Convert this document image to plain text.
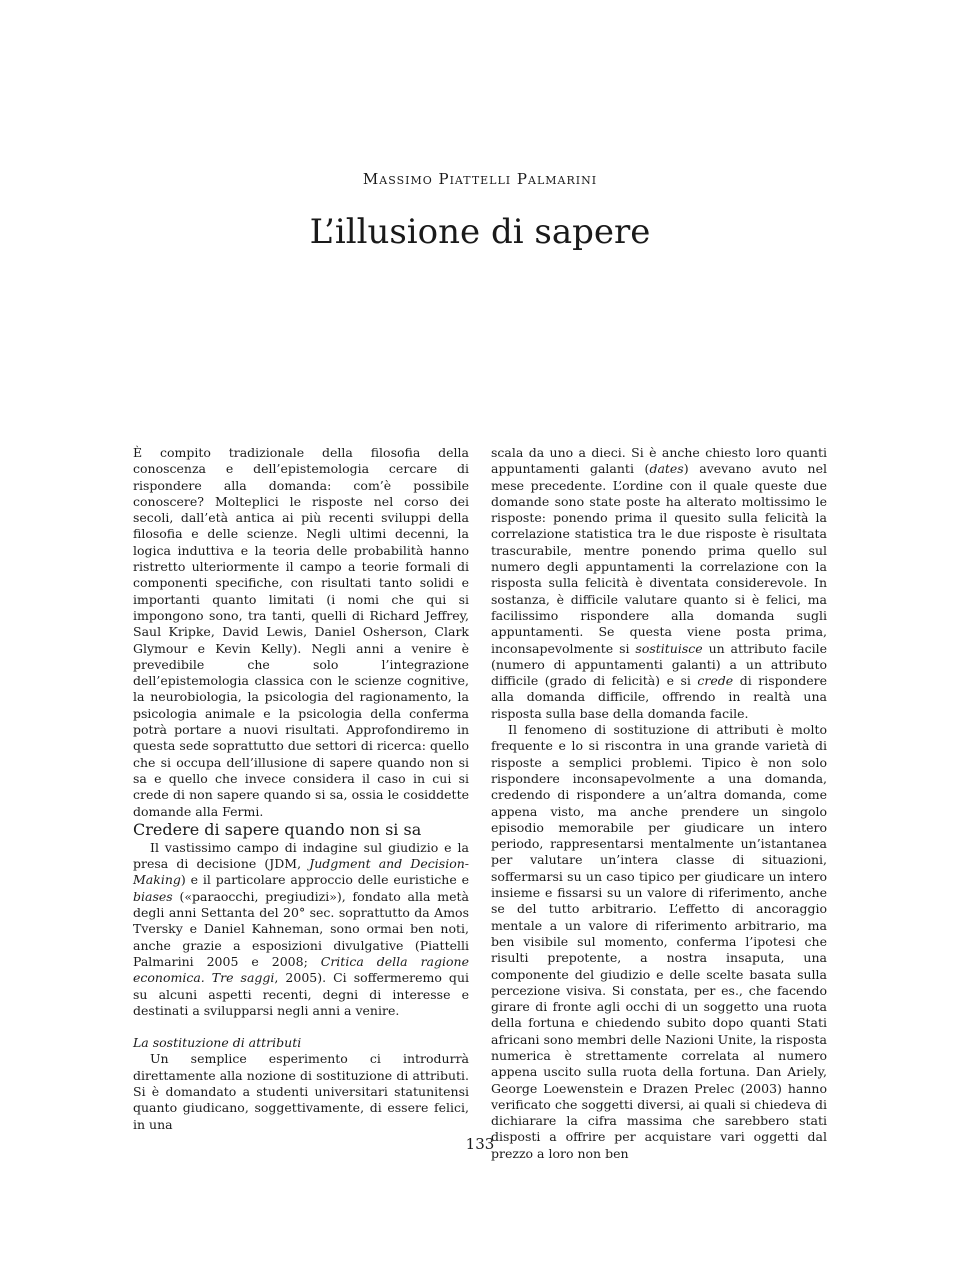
Massimo Piattelli Palmarini
L’illusione di sapere

È compito tradizionale della filosofia della conoscenza e dell’epistemologia cercare di rispondere alla domanda: com’è possibile conoscere? Molteplici le risposte nel corso dei secoli, dall’età antica ai più recenti sviluppi della filosofia e delle scienze. Negli ultimi decenni, la logica induttiva e la teoria delle probabilità hanno ristretto ulteriormente il campo a teorie formali di componenti specifiche, con risultati tanto solidi e importanti quanto limitati (i nomi che qui si impongono sono, tra tanti, quelli di Richard Jeffrey, Saul Kripke, David Lewis, Daniel Osherson, Clark Glymour e Kevin Kelly). Negli anni a venire è prevedibile che solo l’integrazione dell’epistemologia classica con le scienze cognitive, la neurobiologia, la psicologia del ragionamento, la psicologia animale e la psicologia della conferma potrà portare a nuovi risultati. Approfondiremo in questa sede soprattutto due settori di ricerca: quello che si occupa dell’illusione di sapere quando non si sa e quello che invece considera il caso in cui si crede di non sapere quando si sa, ossia le cosiddette domande alla Fermi.

Credere di sapere quando non si sa

Il vastissimo campo di indagine sul giudizio e la presa di decisione (JDM, Judgment and Decision-Making) e il particolare approccio delle euristiche e biases («paraocchi, pregiudizi»), fondato alla metà degli anni Settanta del 20° sec. soprattutto da Amos Tversky e Daniel Kahneman, sono ormai ben noti, anche grazie a esposizioni divulgative (Piattelli Palmarini 2005 e 2008; Critica della ragione economica. Tre saggi, 2005). Ci soffermeremo qui su alcuni aspetti recenti, degni di interesse e destinati a svilupparsi negli anni a venire.

La sostituzione di attributi

Un semplice esperimento ci introdurrà direttamente alla nozione di sostituzione di attributi. Si è domandato a studenti universitari statunitensi quanto giudicano, soggettivamente, di essere felici, in una

scala da uno a dieci. Si è anche chiesto loro quanti appuntamenti galanti (dates) avevano avuto nel mese precedente. L’ordine con il quale queste due domande sono state poste ha alterato moltissimo le risposte: ponendo prima il quesito sulla felicità la correlazione statistica tra le due risposte è risultata trascurabile, mentre ponendo prima quello sul numero degli appuntamenti la correlazione con la risposta sulla felicità è diventata considerevole. In sostanza, è difficile valutare quanto si è felici, ma facilissimo rispondere alla domanda sugli appuntamenti. Se questa viene posta prima, inconsapevolmente si sostituisce un attributo facile (numero di appuntamenti galanti) a un attributo difficile (grado di felicità) e si crede di rispondere alla domanda difficile, offrendo in realtà una risposta sulla base della domanda facile.

Il fenomeno di sostituzione di attributi è molto frequente e lo si riscontra in una grande varietà di risposte a semplici problemi. Tipico è non solo rispondere inconsapevolmente a una domanda, credendo di rispondere a un’altra domanda, come appena visto, ma anche prendere un singolo episodio memorabile per giudicare un intero periodo, rappresentarsi mentalmente un’istantanea per valutare un’intera classe di situazioni, soffermarsi su un caso tipico per giudicare un intero insieme e fissarsi su un valore di riferimento, anche se del tutto arbitrario. L’effetto di ancoraggio mentale a un valore di riferimento arbitrario, ma ben visibile sul momento, conferma l’ipotesi che risulti prepotente, a nostra insaputa, una componente del giudizio e delle scelte basata sulla percezione visiva. Si constata, per es., che facendo girare di fronte agli occhi di un soggetto una ruota della fortuna e chiedendo subito dopo quanti Stati africani sono membri delle Nazioni Unite, la risposta numerica è strettamente correlata al numero appena uscito sulla ruota della fortuna. Dan Ariely, George Loewenstein e Drazen Prelec (2003) hanno verificato che soggetti diversi, ai quali si chiedeva di dichiarare la cifra massima che sarebbero stati disposti a offrire per acquistare vari oggetti dal prezzo a loro non ben

133
